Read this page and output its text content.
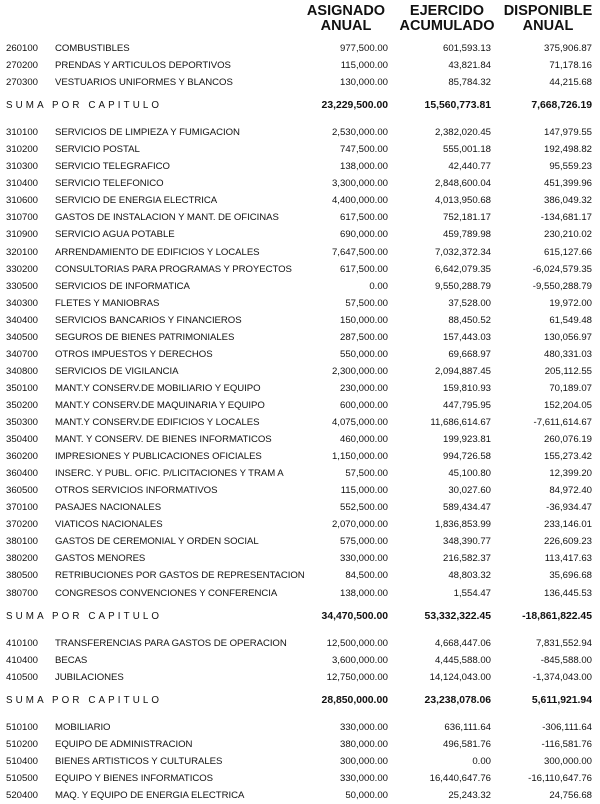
ASIGNADO
ANUAL
EJERCIDO
ACUMULADO
DISPONIBLE
ANUAL
260100 COMBUSTIBLES	977,500.00	601,593.13	375,906.87
270200 PRENDAS Y ARTICULOS DEPORTIVOS	115,000.00	43,821.84	71,178.16
270300 VESTUARIOS UNIFORMES Y BLANCOS	130,000.00	85,784.32	44,215.68
SUMA POR CAPITULO	23,229,500.00	15,560,773.81	7,668,726.19
310100 SERVICIOS DE LIMPIEZA Y FUMIGACION	2,530,000.00	2,382,020.45	147,979.55
310200 SERVICIO POSTAL	747,500.00	555,001.18	192,498.82
310300 SERVICIO TELEGRAFICO	138,000.00	42,440.77	95,559.23
310400 SERVICIO TELEFONICO	3,300,000.00	2,848,600.04	451,399.96
310600 SERVICIO DE ENERGIA ELECTRICA	4,400,000.00	4,013,950.68	386,049.32
310700 GASTOS DE INSTALACION Y MANT. DE OFICINAS	617,500.00	752,181.17	-134,681.17
310900 SERVICIO AGUA POTABLE	690,000.00	459,789.98	230,210.02
320100 ARRENDAMIENTO DE EDIFICIOS Y LOCALES	7,647,500.00	7,032,372.34	615,127.66
330200 CONSULTORIAS PARA PROGRAMAS Y PROYECTOS	617,500.00	6,642,079.35	-6,024,579.35
330500 SERVICIOS DE INFORMATICA	0.00	9,550,288.79	-9,550,288.79
340300 FLETES Y MANIOBRAS	57,500.00	37,528.00	19,972.00
340400 SERVICIOS BANCARIOS Y FINANCIEROS	150,000.00	88,450.52	61,549.48
340500 SEGUROS DE BIENES PATRIMONIALES	287,500.00	157,443.03	130,056.97
340700 OTROS IMPUESTOS Y DERECHOS	550,000.00	69,668.97	480,331.03
340800 SERVICIOS DE VIGILANCIA	2,300,000.00	2,094,887.45	205,112.55
350100 MANT.Y CONSERV.DE MOBILIARIO Y EQUIPO	230,000.00	159,810.93	70,189.07
350200 MANT.Y CONSERV.DE MAQUINARIA Y EQUIPO	600,000.00	447,795.95	152,204.05
350300 MANT.Y CONSERV.DE EDIFICIOS Y LOCALES	4,075,000.00	11,686,614.67	-7,611,614.67
350400 MANT. Y CONSERV. DE BIENES INFORMATICOS	460,000.00	199,923.81	260,076.19
360200 IMPRESIONES Y PUBLICACIONES OFICIALES	1,150,000.00	994,726.58	155,273.42
360400 INSERC. Y PUBL. OFIC. P/LICITACIONES Y TRAM A	57,500.00	45,100.80	12,399.20
360500 OTROS SERVICIOS INFORMATIVOS	115,000.00	30,027.60	84,972.40
370100 PASAJES NACIONALES	552,500.00	589,434.47	-36,934.47
370200 VIATICOS NACIONALES	2,070,000.00	1,836,853.99	233,146.01
380100 GASTOS DE CEREMONIAL Y ORDEN SOCIAL	575,000.00	348,390.77	226,609.23
380200 GASTOS MENORES	330,000.00	216,582.37	113,417.63
380500 RETRIBUCIONES POR GASTOS DE REPRESENTACION	84,500.00	48,803.32	35,696.68
380700 CONGRESOS CONVENCIONES Y CONFERENCIA	138,000.00	1,554.47	136,445.53
SUMA POR CAPITULO	34,470,500.00	53,332,322.45	-18,861,822.45
410100 TRANSFERENCIAS PARA GASTOS DE OPERACION	12,500,000.00	4,668,447.06	7,831,552.94
410400 BECAS	3,600,000.00	4,445,588.00	-845,588.00
410500 JUBILACIONES	12,750,000.00	14,124,043.00	-1,374,043.00
SUMA POR CAPITULO	28,850,000.00	23,238,078.06	5,611,921.94
510100 MOBILIARIO	330,000.00	636,111.64	-306,111.64
510200 EQUIPO DE ADMINISTRACION	380,000.00	496,581.76	-116,581.76
510400 BIENES ARTISTICOS Y CULTURALES	300,000.00	0.00	300,000.00
510500 EQUIPO Y BIENES INFORMATICOS	330,000.00	16,440,647.76	-16,110,647.76
520400 MAQ. Y EQUIPO DE ENERGIA ELECTRICA	50,000.00	25,243.32	24,756.68
